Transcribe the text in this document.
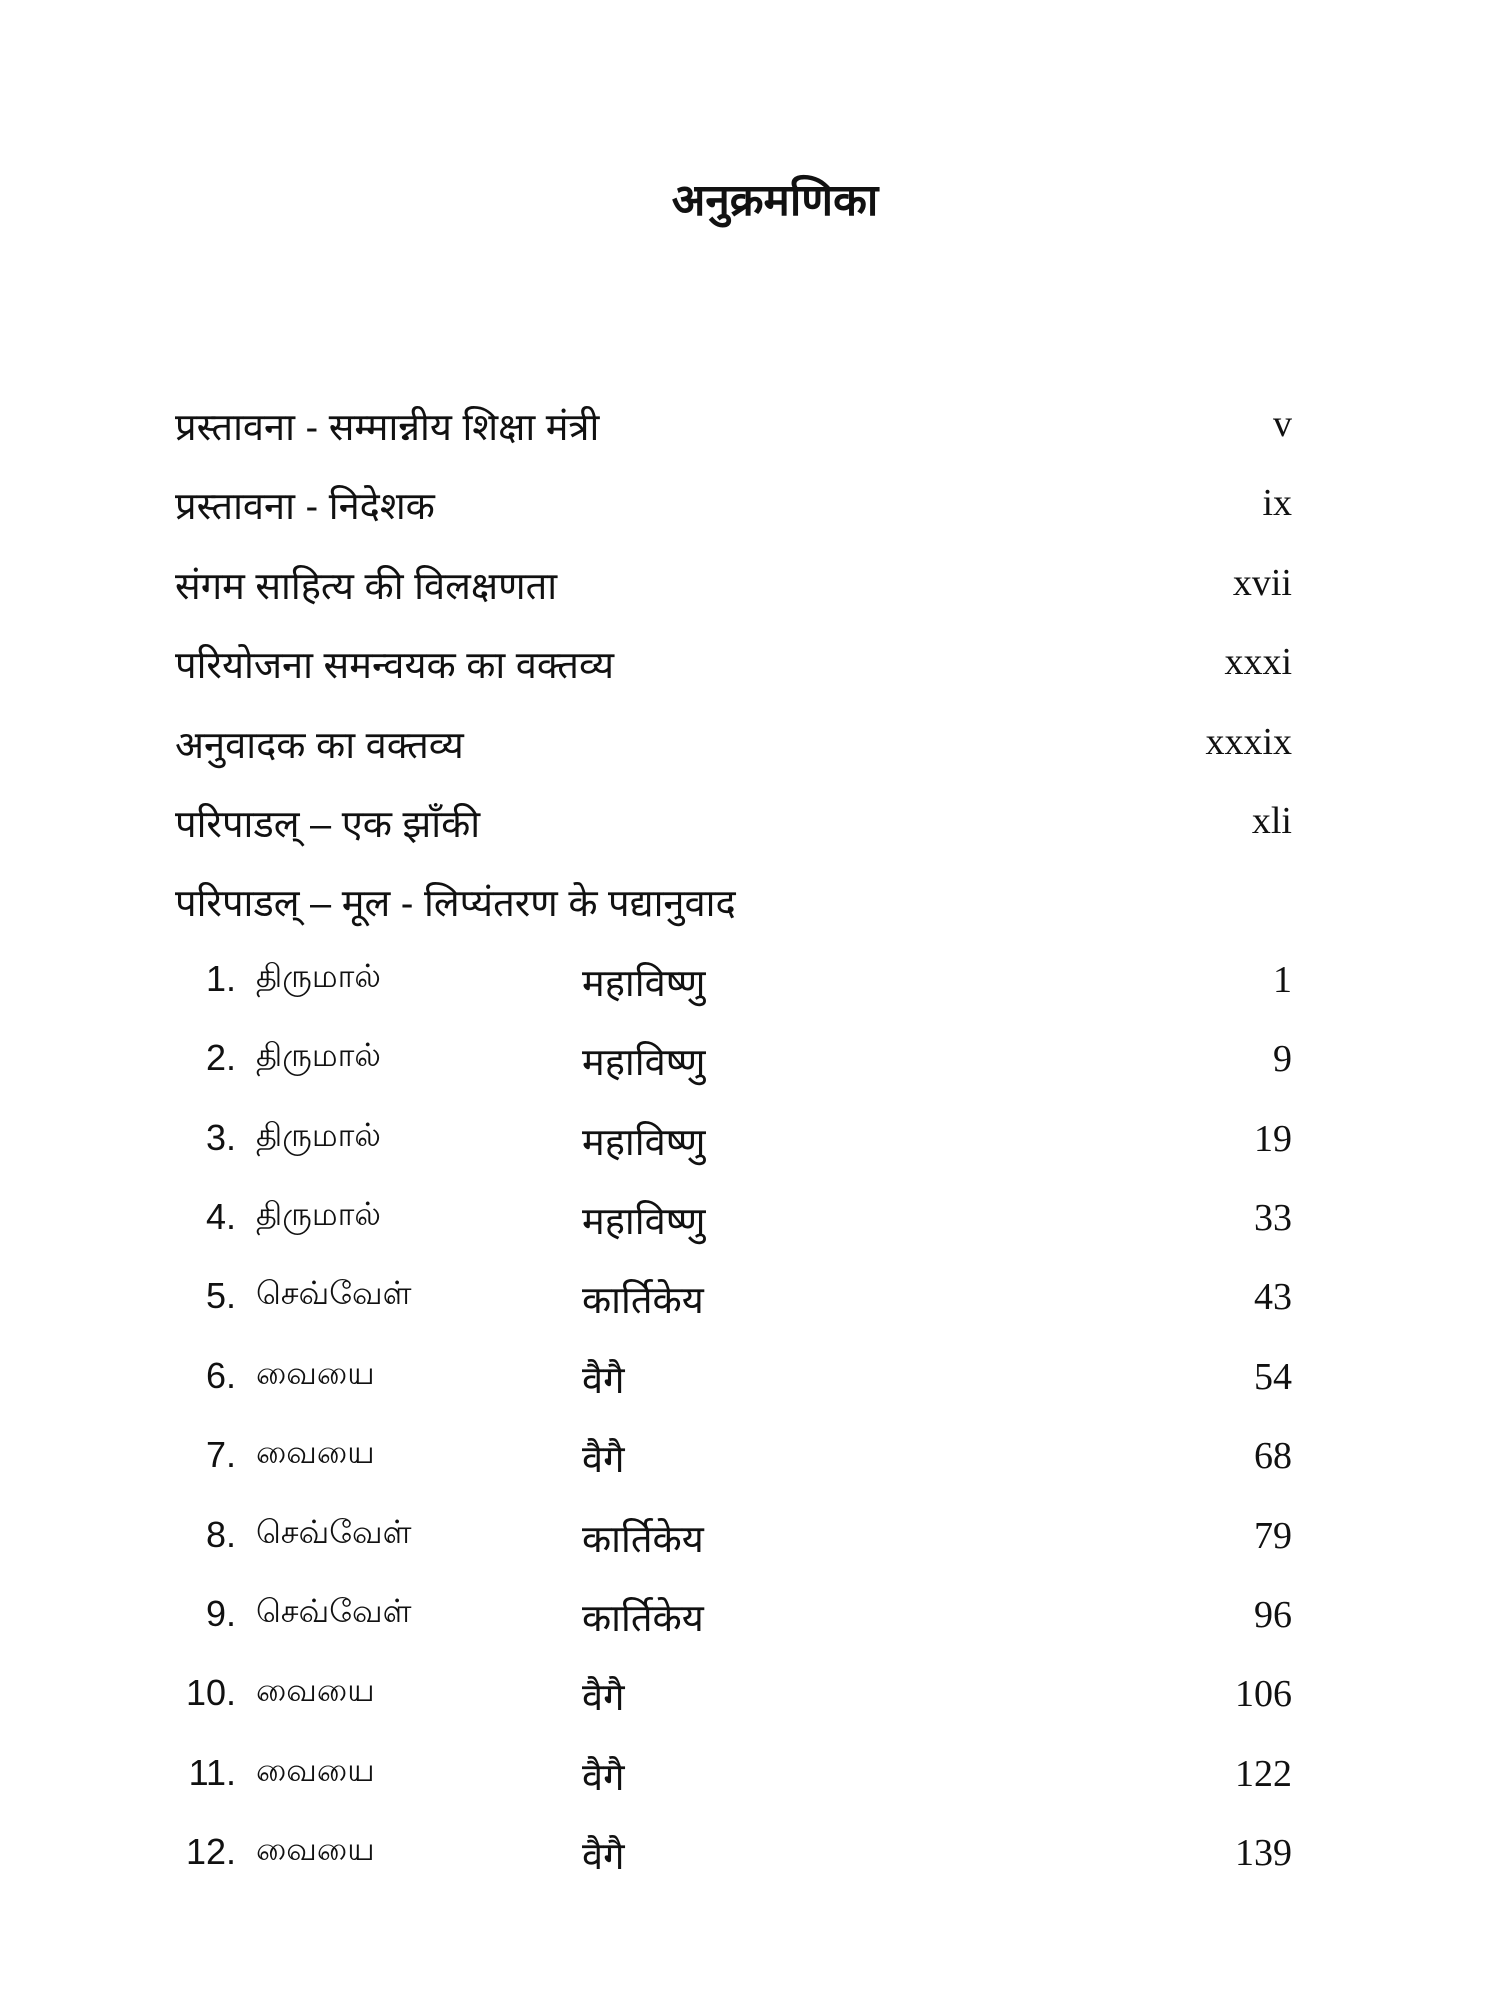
अनुक्रमणिका
प्रस्तावना - सम्मान्नीय शिक्षा मंत्री	v
प्रस्तावना - निदेशक	ix
संगम साहित्य की विलक्षणता	xvii
परियोजना समन्वयक का वक्तव्य	xxxi
अनुवादक का वक्तव्य	xxxix
परिपाडल् – एक झाँकी	xli
परिपाडल् – मूल - लिप्यंतरण के पद्यानुवाद
1. திருமால்	महाविष्णु	1
2. திருமால்	महाविष्णु	9
3. திருமால்	महाविष्णु	19
4. திருமால்	महाविष्णु	33
5. செவ்வேள்	कार्तिकेय	43
6. வையை	वैगै	54
7. வையை	वैगै	68
8. செவ்வேள்	कार्तिकेय	79
9. செவ்வேள்	कार्तिकेय	96
10. வையை	वैगै	106
11. வையை	वैगै	122
12. வையை	वैगै	139
